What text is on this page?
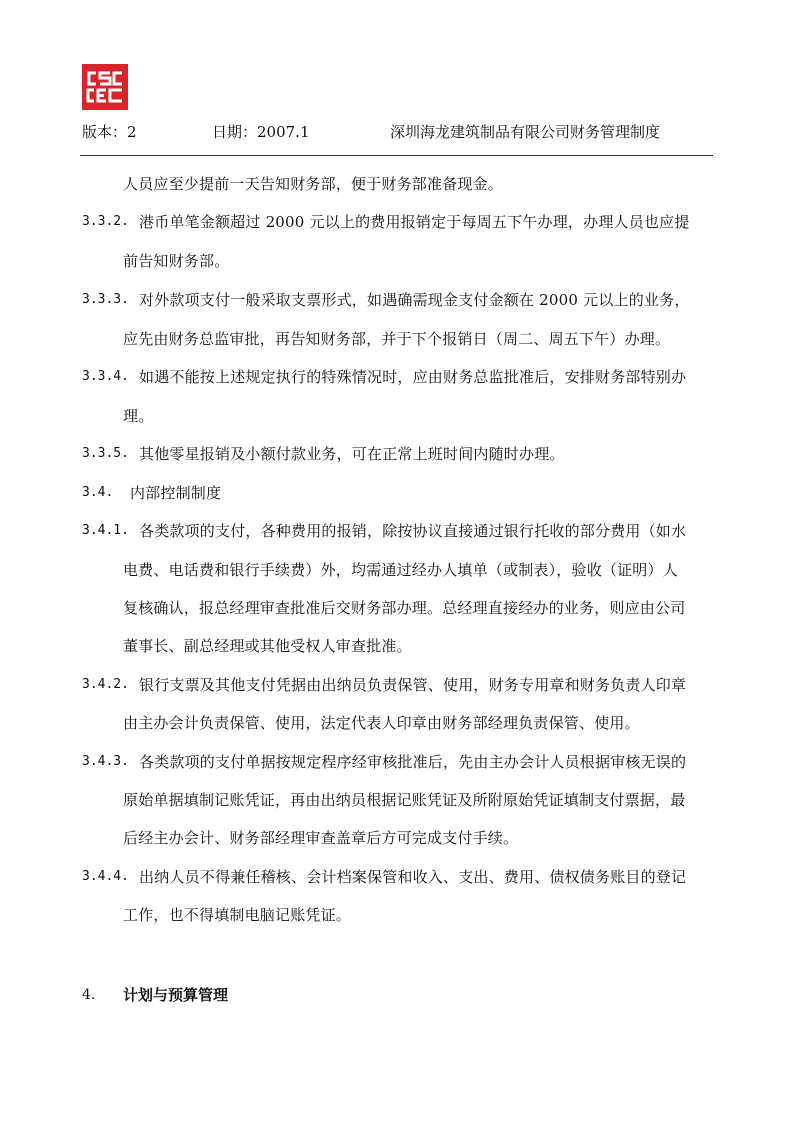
版本：2	日期：2007.1	深圳海龙建筑制品有限公司财务管理制度
人员应至少提前一天告知财务部，便于财务部准备现金。
3.3.2. 港币单笔金额超过 2000 元以上的费用报销定于每周五下午办理，办理人员也应提
前告知财务部。
3.3.3. 对外款项支付一般采取支票形式，如遇确需现金支付金额在 2000 元以上的业务，
应先由财务总监审批，再告知财务部，并于下个报销日（周二、周五下午）办理。
3.3.4. 如遇不能按上述规定执行的特殊情况时，应由财务总监批准后，安排财务部特别办
理。
3.3.5. 其他零星报销及小额付款业务，可在正常上班时间内随时办理。
3.4. 内部控制制度
3.4.1. 各类款项的支付，各种费用的报销，除按协议直接通过银行托收的部分费用（如水
电费、电话费和银行手续费）外，均需通过经办人填单（或制表），验收（证明）人
复核确认，报总经理审查批准后交财务部办理。总经理直接经办的业务，则应由公司
董事长、副总经理或其他受权人审查批准。
3.4.2. 银行支票及其他支付凭据由出纳员负责保管、使用，财务专用章和财务负责人印章
由主办会计负责保管、使用，法定代表人印章由财务部经理负责保管、使用。
3.4.3. 各类款项的支付单据按规定程序经审核批准后，先由主办会计人员根据审核无误的
原始单据填制记账凭证，再由出纳员根据记账凭证及所附原始凭证填制支付票据，最
后经主办会计、财务部经理审查盖章后方可完成支付手续。
3.4.4. 出纳人员不得兼任稽核、会计档案保管和收入、支出、费用、债权债务账目的登记
工作，也不得填制电脑记账凭证。
4. 计划与预算管理
